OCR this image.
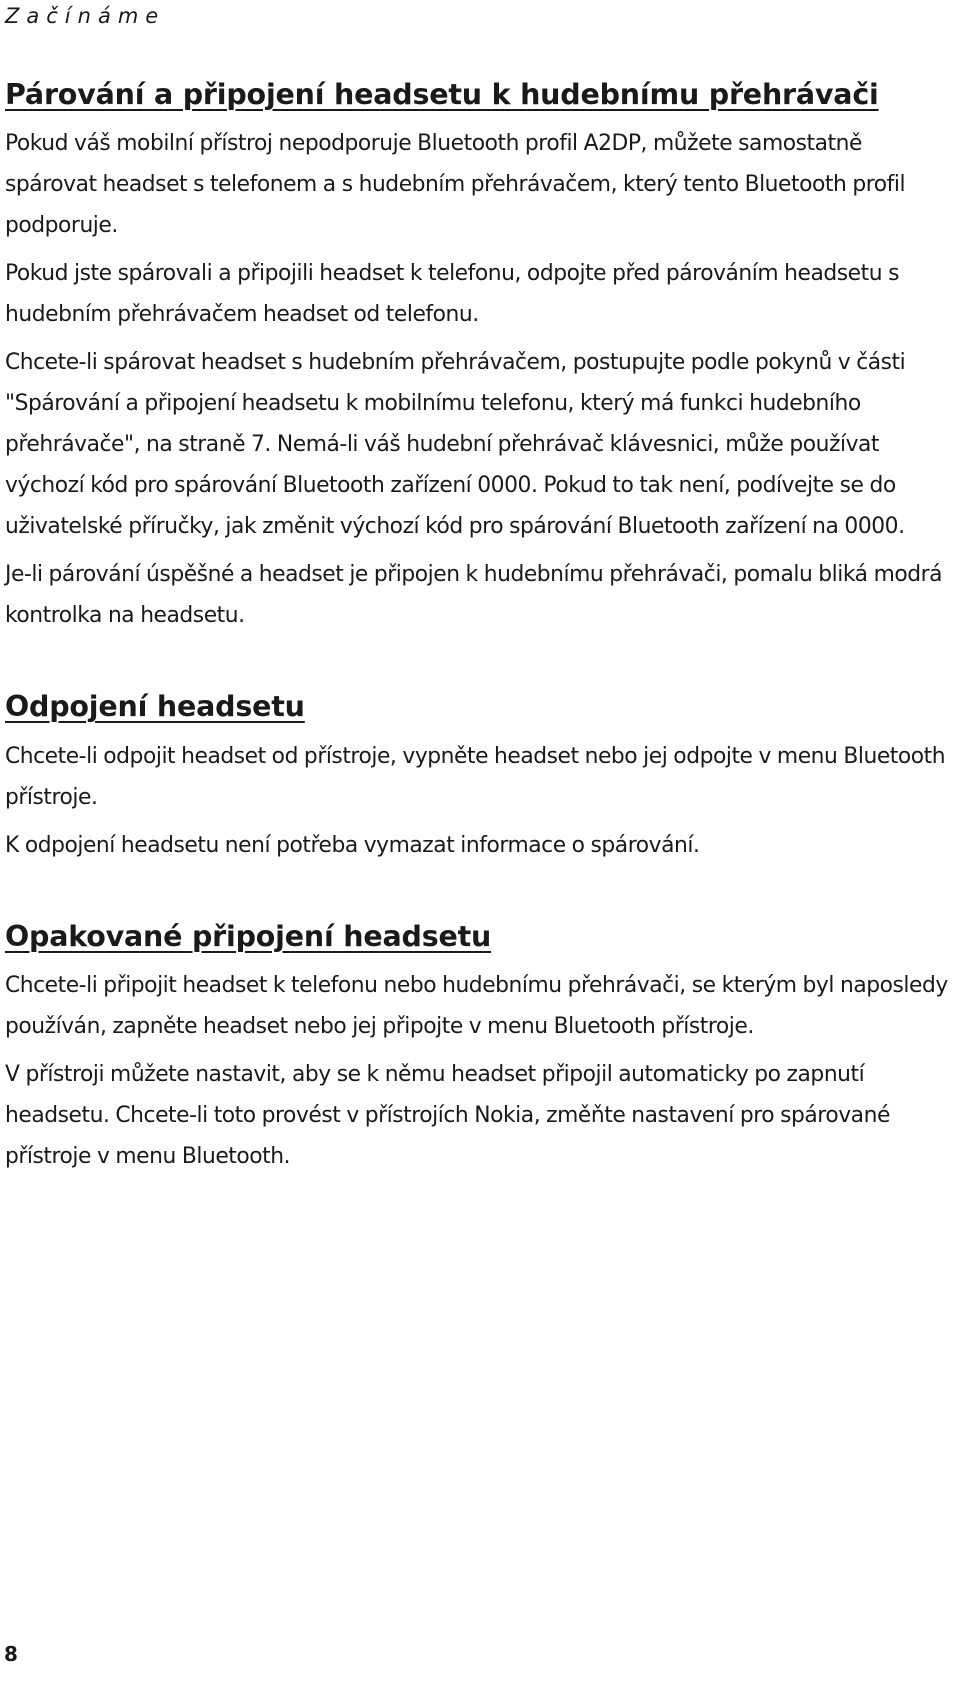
Začínáme
Párování a připojení headsetu k hudebnímu přehrávači

Pokud váš mobilní přístroj nepodporuje Bluetooth profil A2DP, můžete samostatně spárovat headset s telefonem a s hudebním přehrávačem, který tento Bluetooth profil podporuje.

Pokud jste spárovali a připojili headset k telefonu, odpojte před párováním headsetu s hudebním přehrávačem headset od telefonu.

Chcete-li spárovat headset s hudebním přehrávačem, postupujte podle pokynů v části "Spárování a připojení headsetu k mobilnímu telefonu, který má funkci hudebního přehrávače", na straně 7. Nemá-li váš hudební přehrávač klávesnici, může používat výchozí kód pro spárování Bluetooth zařízení 0000. Pokud to tak není, podívejte se do uživatelské příručky, jak změnit výchozí kód pro spárování Bluetooth zařízení na 0000.

Je-li párování úspěšné a headset je připojen k hudebnímu přehrávači, pomalu bliká modrá kontrolka na headsetu.

Odpojení headsetu

Chcete-li odpojit headset od přístroje, vypněte headset nebo jej odpojte v menu Bluetooth přístroje.

K odpojení headsetu není potřeba vymazat informace o spárování.

Opakované připojení headsetu

Chcete-li připojit headset k telefonu nebo hudebnímu přehrávači, se kterým byl naposledy používán, zapněte headset nebo jej připojte v menu Bluetooth přístroje.

V přístroji můžete nastavit, aby se k němu headset připojil automaticky po zapnutí headsetu. Chcete-li toto provést v přístrojích Nokia, změňte nastavení pro spárované přístroje v menu Bluetooth.

8
